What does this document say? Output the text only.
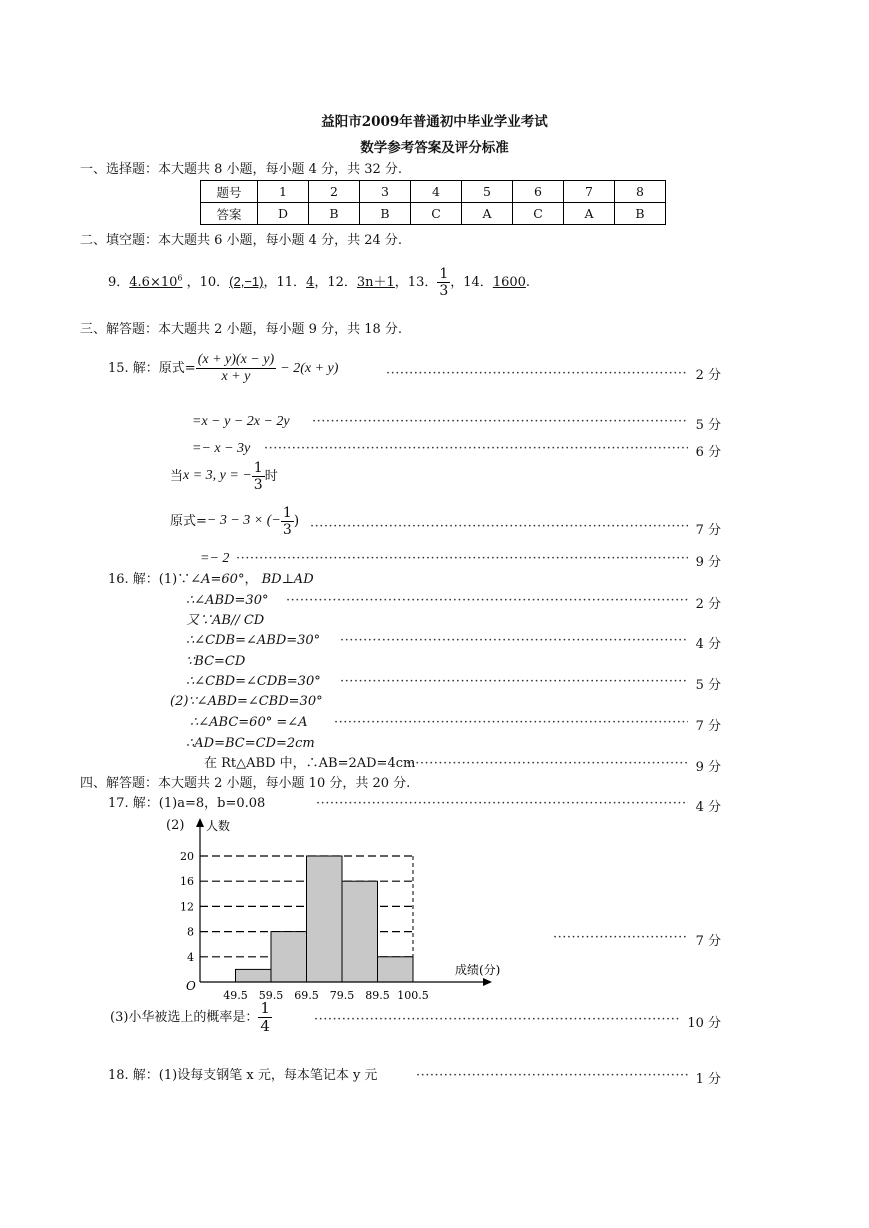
益阳市2009年普通初中毕业学业考试
数学参考答案及评分标准
一、选择题：本大题共 8 小题，每小题 4 分，共 32 分.
题号	1	2	3	4	5	6	7	8
答案	D	B	B	C	A	C	A	B
二、填空题：本大题共 6 小题，每小题 4 分，共 24 分.
9．$4.6\times 10^6$ ，10．(2,−1)，11．4，12．3n＋1，13． $\frac{1}{3}$ ，14．1600.
三、解答题：本大题共 2 小题，每小题 9 分，共 18 分.
15. 解：原式= $\frac{(x + y)(x - y)}{x + y} - 2(x + y)$ ·····	2 分
=x − y − 2x − 2y ·····	5 分
=− x − 3y ·····	6 分
当x = 3, y = − $\frac{1}{3}$ 时
原式=− 3 − 3 × (− $\frac{1}{3}$ )
·····
7 分
=− 2 ·····	9 分
16. 解：(1)∵∠A=60°， BD⊥AD
∴∠ABD=30° ·····	2 分
又∵AB// CD
∴∠CDB=∠ABD=30° ·····	4 分
∵BC=CD
∴∠CBD=∠CDB=30° ·····	5 分
(2)∵∠ABD=∠CBD=30°
∴∠ABC=60° =∠A ·····	7 分
∴AD=BC=CD=2cm
在 Rt△ABD 中，∴AB=2AD=4cm ·····	9 分
四、解答题：本大题共 2 小题，每小题 10 分，共 20 分.
17. 解：(1)a=8，b=0.08 ·····	4 分
(2)
4
8
12
16
20
49.5 59.5 69.5 79.5 89.5 100.5
O
人数
成绩(分)
·····
7 分
(3)小华被选上的概率是： $\frac{1}{4}$ ·····	10 分
18. 解：(1)设每支钢笔 x 元，每本笔记本 y 元 ·····	1 分
